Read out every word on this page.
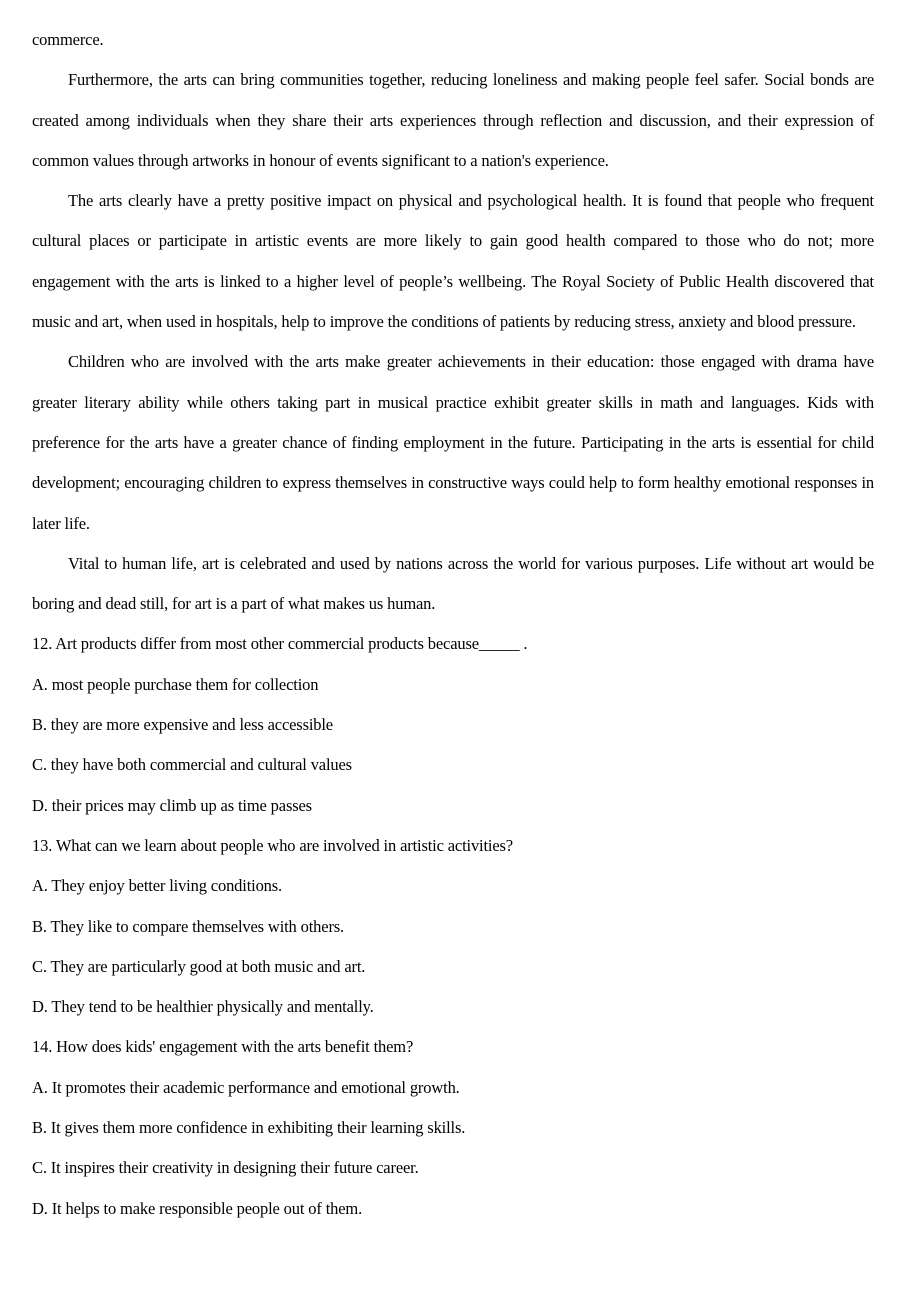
commerce.

Furthermore, the arts can bring communities together, reducing loneliness and making people feel safer. Social bonds are created among individuals when they share their arts experiences through reflection and discussion, and their expression of common values through artworks in honour of events significant to a nation's experience.

The arts clearly have a pretty positive impact on physical and psychological health. It is found that people who frequent cultural places or participate in artistic events are more likely to gain good health compared to those who do not; more engagement with the arts is linked to a higher level of people’s wellbeing. The Royal Society of Public Health discovered that music and art, when used in hospitals, help to improve the conditions of patients by reducing stress, anxiety and blood pressure.

Children who are involved with the arts make greater achievements in their education: those engaged with drama have greater literary ability while others taking part in musical practice exhibit greater skills in math and languages. Kids with preference for the arts have a greater chance of finding employment in the future. Participating in the arts is essential for child development; encouraging children to express themselves in constructive ways could help to form healthy emotional responses in later life.

Vital to human life, art is celebrated and used by nations across the world for various purposes. Life without art would be boring and dead still, for art is a part of what makes us human.

12. Art products differ from most other commercial products because_____ .

A. most people purchase them for collection

B. they are more expensive and less accessible

C. they have both commercial and cultural values

D. their prices may climb up as time passes

13. What can we learn about people who are involved in artistic activities?

A. They enjoy better living conditions.

B. They like to compare themselves with others.

C. They are particularly good at both music and art.

D. They tend to be healthier physically and mentally.

14. How does kids' engagement with the arts benefit them?

A. It promotes their academic performance and emotional growth.

B. It gives them more confidence in exhibiting their learning skills.

C. It inspires their creativity in designing their future career.

D. It helps to make responsible people out of them.
